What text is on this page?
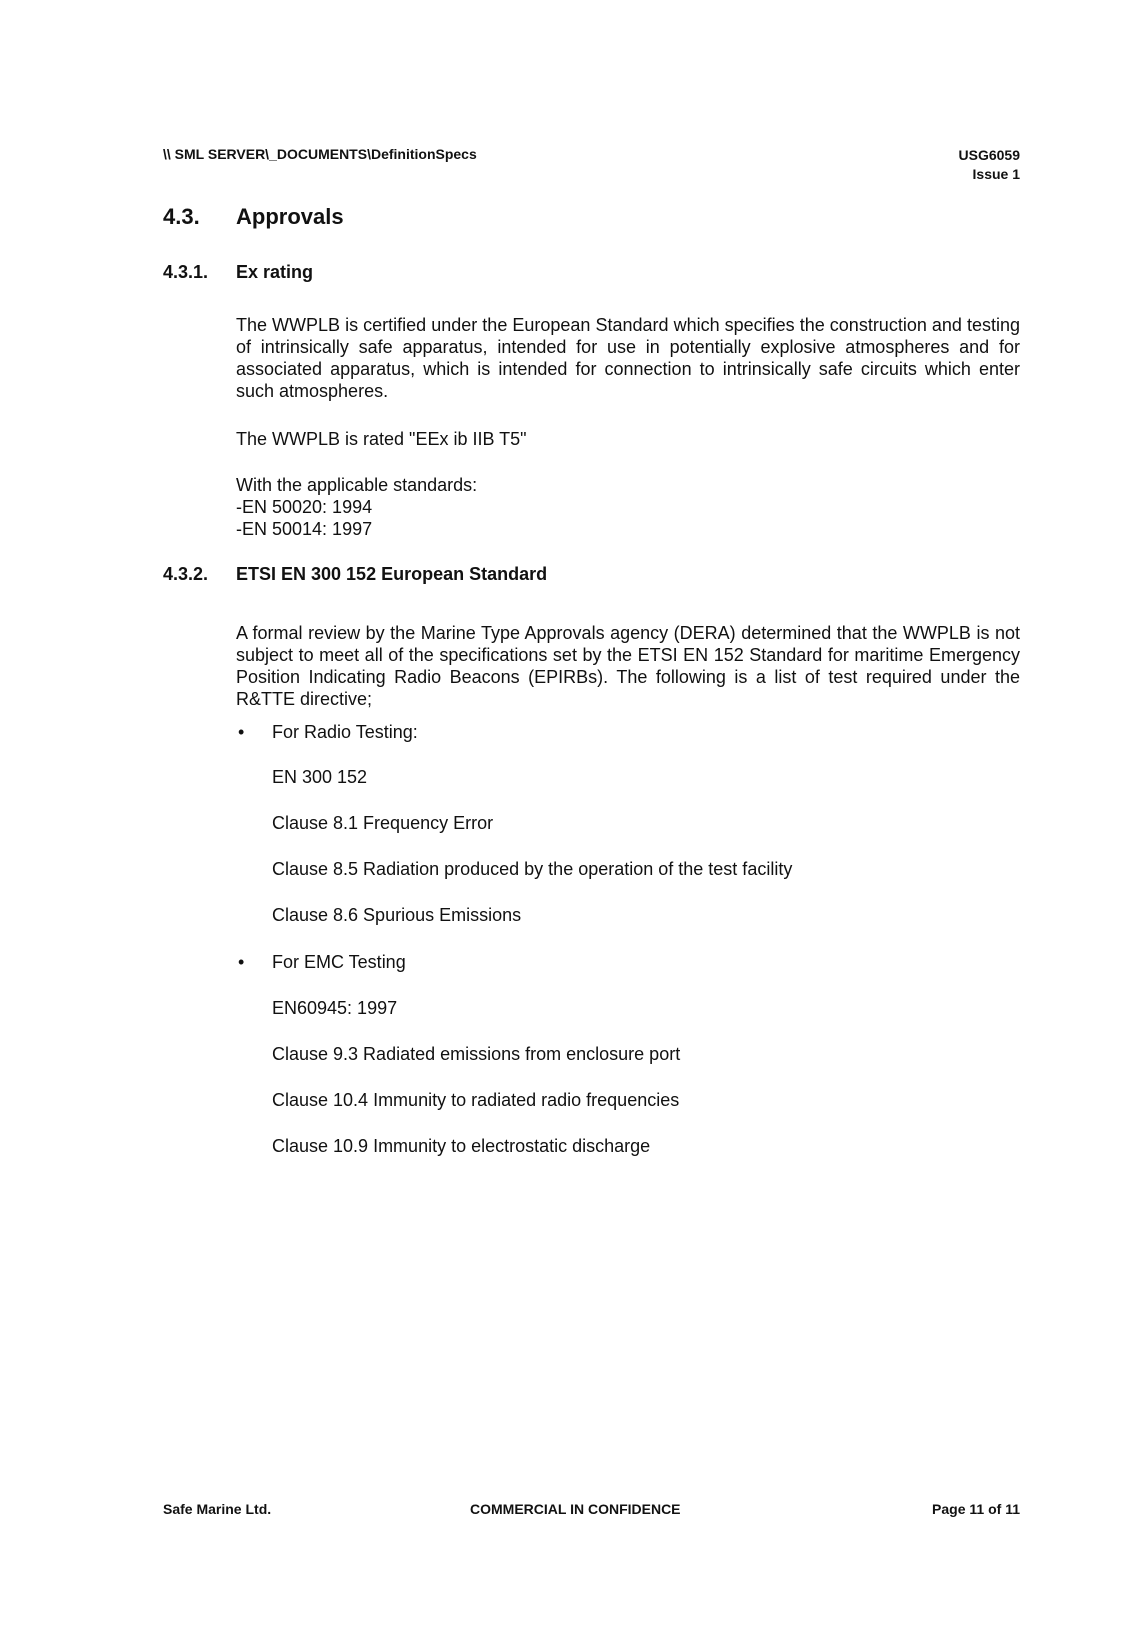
\\ SML SERVER\_DOCUMENTS\DefinitionSpecs	USG6059
Issue 1
4.3. Approvals
4.3.1. Ex rating
The WWPLB is certified under the European Standard which specifies the construction and testing of intrinsically safe apparatus, intended for use in potentially explosive atmospheres and for associated apparatus, which is intended for connection to intrinsically safe circuits which enter such atmospheres.
The WWPLB is rated "EEx ib IIB T5"
With the applicable standards:
-EN 50020: 1994
-EN 50014: 1997
4.3.2. ETSI EN 300 152 European Standard
A formal review by the Marine Type Approvals agency (DERA) determined that the WWPLB is not subject to meet all of the specifications set by the ETSI EN 152 Standard for maritime Emergency Position Indicating Radio Beacons (EPIRBs). The following is a list of test required under the R&TTE directive;
• For Radio Testing:
EN 300 152
Clause 8.1 Frequency Error
Clause 8.5 Radiation produced by the operation of the test facility
Clause 8.6 Spurious Emissions
• For EMC Testing
EN60945: 1997
Clause 9.3 Radiated emissions from enclosure port
Clause 10.4 Immunity to radiated radio frequencies
Clause 10.9 Immunity to electrostatic discharge
Safe Marine Ltd.	COMMERCIAL IN CONFIDENCE	Page 11 of 11
